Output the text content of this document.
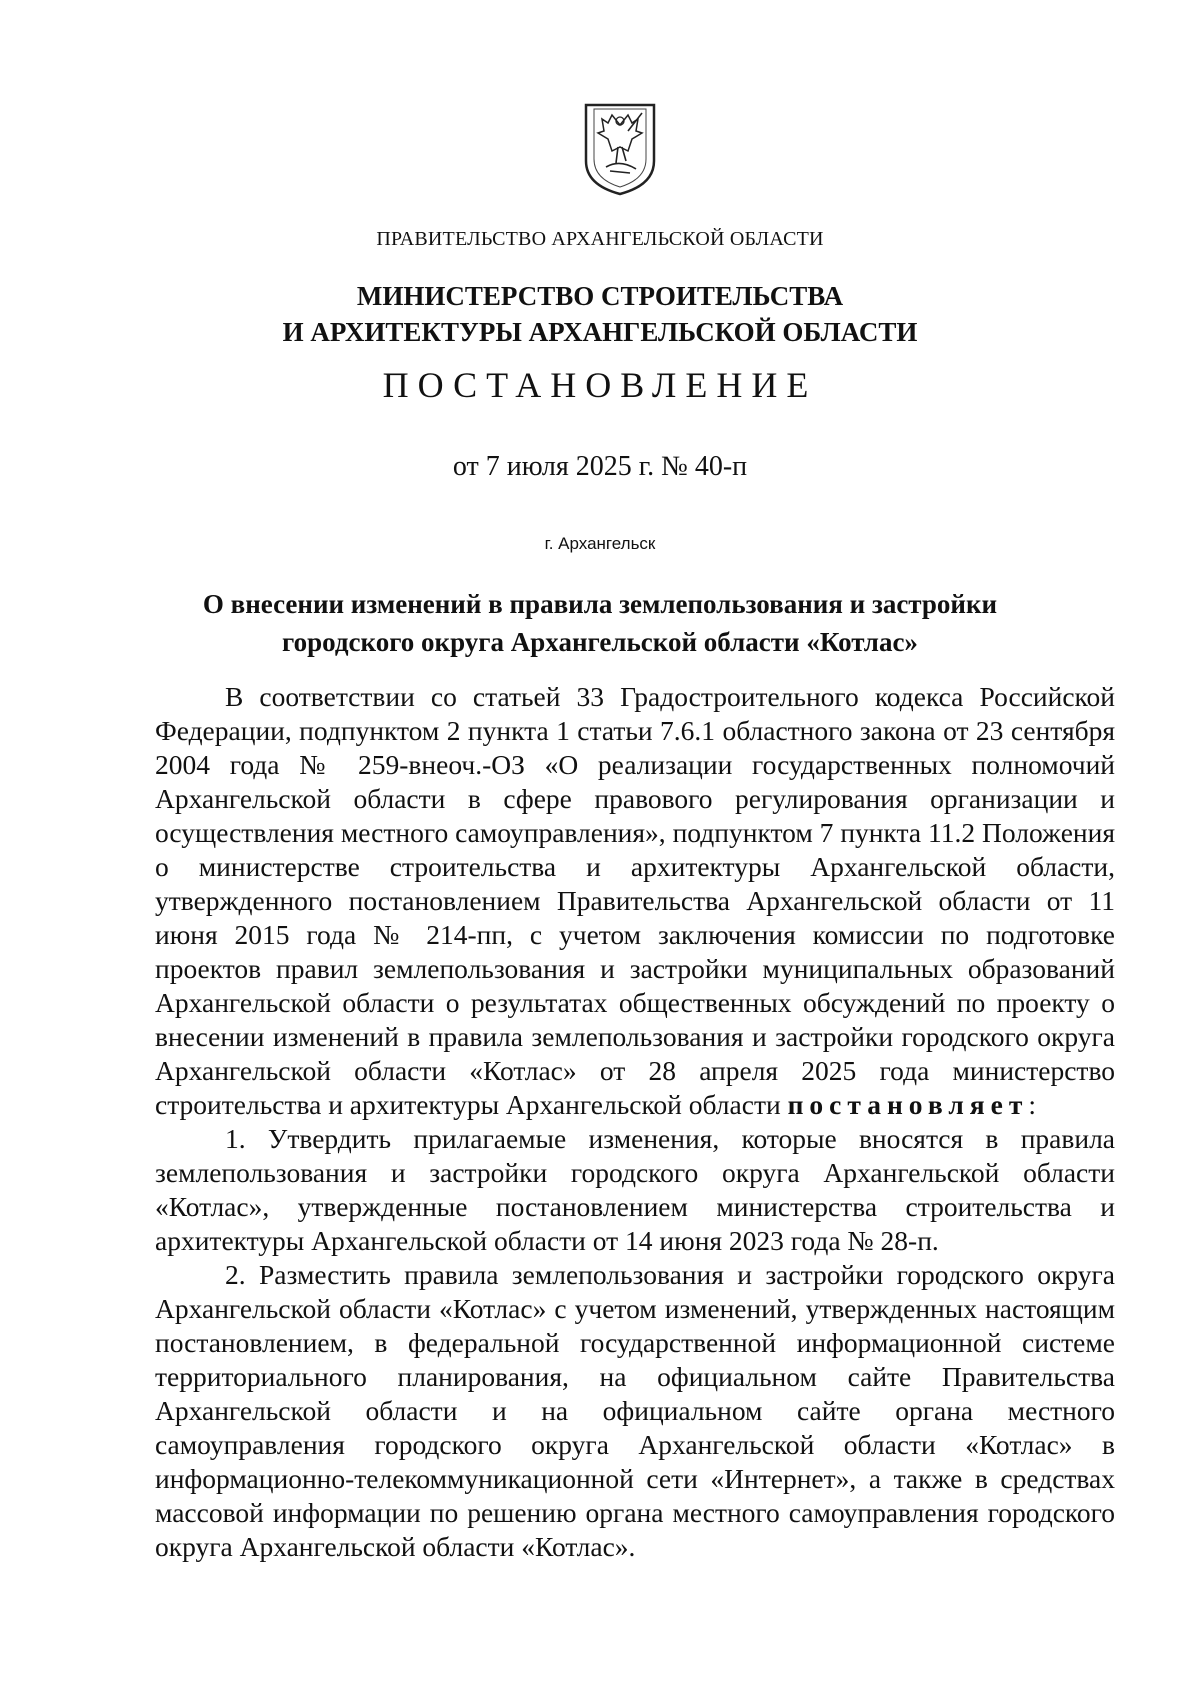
ПРАВИТЕЛЬСТВО АРХАНГЕЛЬСКОЙ ОБЛАСТИ
МИНИСТЕРСТВО СТРОИТЕЛЬСТВА
И АРХИТЕКТУРЫ АРХАНГЕЛЬСКОЙ ОБЛАСТИ
ПОСТАНОВЛЕНИЕ
от 7 июля 2025 г. № 40-п
г. Архангельск
О внесении изменений в правила землепользования и застройки
городского округа Архангельской области «Котлас»

В соответствии со статьей 33 Градостроительного кодекса Российской Федерации, подпунктом 2 пункта 1 статьи 7.6.1 областного закона от 23 сентября 2004 года № 259-внеоч.-ОЗ «О реализации государственных полномочий Архангельской области в сфере правового регулирования организации и осуществления местного самоуправления», подпунктом 7 пункта 11.2 Положения о министерстве строительства и архитектуры Архангельской области, утвержденного постановлением Правительства Архангельской области от 11 июня 2015 года № 214-пп, с учетом заключения комиссии по подготовке проектов правил землепользования и застройки муниципальных образований Архангельской области о результатах общественных обсуждений по проекту о внесении изменений в правила землепользования и застройки городского округа Архангельской области «Котлас» от 28 апреля 2025 года министерство строительства и архитектуры Архангельской области постановляет:

1. Утвердить прилагаемые изменения, которые вносятся в правила землепользования и застройки городского округа Архангельской области «Котлас», утвержденные постановлением министерства строительства и архитектуры Архангельской области от 14 июня 2023 года № 28-п.

2. Разместить правила землепользования и застройки городского округа Архангельской области «Котлас» с учетом изменений, утвержденных настоящим постановлением, в федеральной государственной информационной системе территориального планирования, на официальном сайте Правительства Архангельской области и на официальном сайте органа местного самоуправления городского округа Архангельской области «Котлас» в информационно-телекоммуникационной сети «Интернет», а также в средствах массовой информации по решению органа местного самоуправления городского округа Архангельской области «Котлас».
